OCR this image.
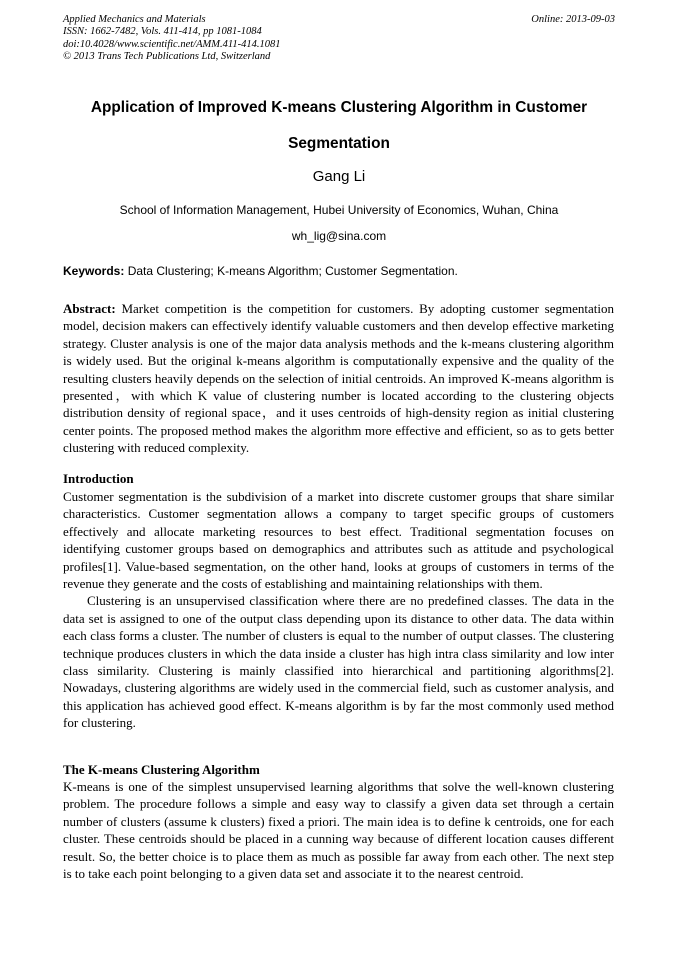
Applied Mechanics and Materials
ISSN: 1662-7482, Vols. 411-414, pp 1081-1084
doi:10.4028/www.scientific.net/AMM.411-414.1081
© 2013 Trans Tech Publications Ltd, Switzerland
Online: 2013-09-03
Application of Improved K-means Clustering Algorithm in Customer Segmentation
Gang Li
School of Information Management, Hubei University of Economics, Wuhan, China
wh_lig@sina.com
Keywords: Data Clustering; K-means Algorithm; Customer Segmentation.
Abstract: Market competition is the competition for customers. By adopting customer segmentation model, decision makers can effectively identify valuable customers and then develop effective marketing strategy. Cluster analysis is one of the major data analysis methods and the k-means clustering algorithm is widely used. But the original k-means algorithm is computationally expensive and the quality of the resulting clusters heavily depends on the selection of initial centroids. An improved K-means algorithm is presented，with which K value of clustering number is located according to the clustering objects distribution density of regional space，and it uses centroids of high-density region as initial clustering center points. The proposed method makes the algorithm more effective and efficient, so as to gets better clustering with reduced complexity.
Introduction

Customer segmentation is the subdivision of a market into discrete customer groups that share similar characteristics. Customer segmentation allows a company to target specific groups of customers effectively and allocate marketing resources to best effect. Traditional segmentation focuses on identifying customer groups based on demographics and attributes such as attitude and psychological profiles[1]. Value-based segmentation, on the other hand, looks at groups of customers in terms of the revenue they generate and the costs of establishing and maintaining relationships with them.

Clustering is an unsupervised classification where there are no predefined classes. The data in the data set is assigned to one of the output class depending upon its distance to other data. The data within each class forms a cluster. The number of clusters is equal to the number of output classes. The clustering technique produces clusters in which the data inside a cluster has high intra class similarity and low inter class similarity. Clustering is mainly classified into hierarchical and partitioning algorithms[2]. Nowadays, clustering algorithms are widely used in the commercial field, such as customer analysis, and this application has achieved good effect. K-means algorithm is by far the most commonly used method for clustering.

The K-means Clustering Algorithm
K-means is one of the simplest unsupervised learning algorithms that solve the well-known clustering problem. The procedure follows a simple and easy way to classify a given data set through a certain number of clusters (assume k clusters) fixed a priori. The main idea is to define k centroids, one for each cluster. These centroids should be placed in a cunning way because of different location causes different result. So, the better choice is to place them as much as possible far away from each other. The next step is to take each point belonging to a given data set and associate it to the nearest centroid.
